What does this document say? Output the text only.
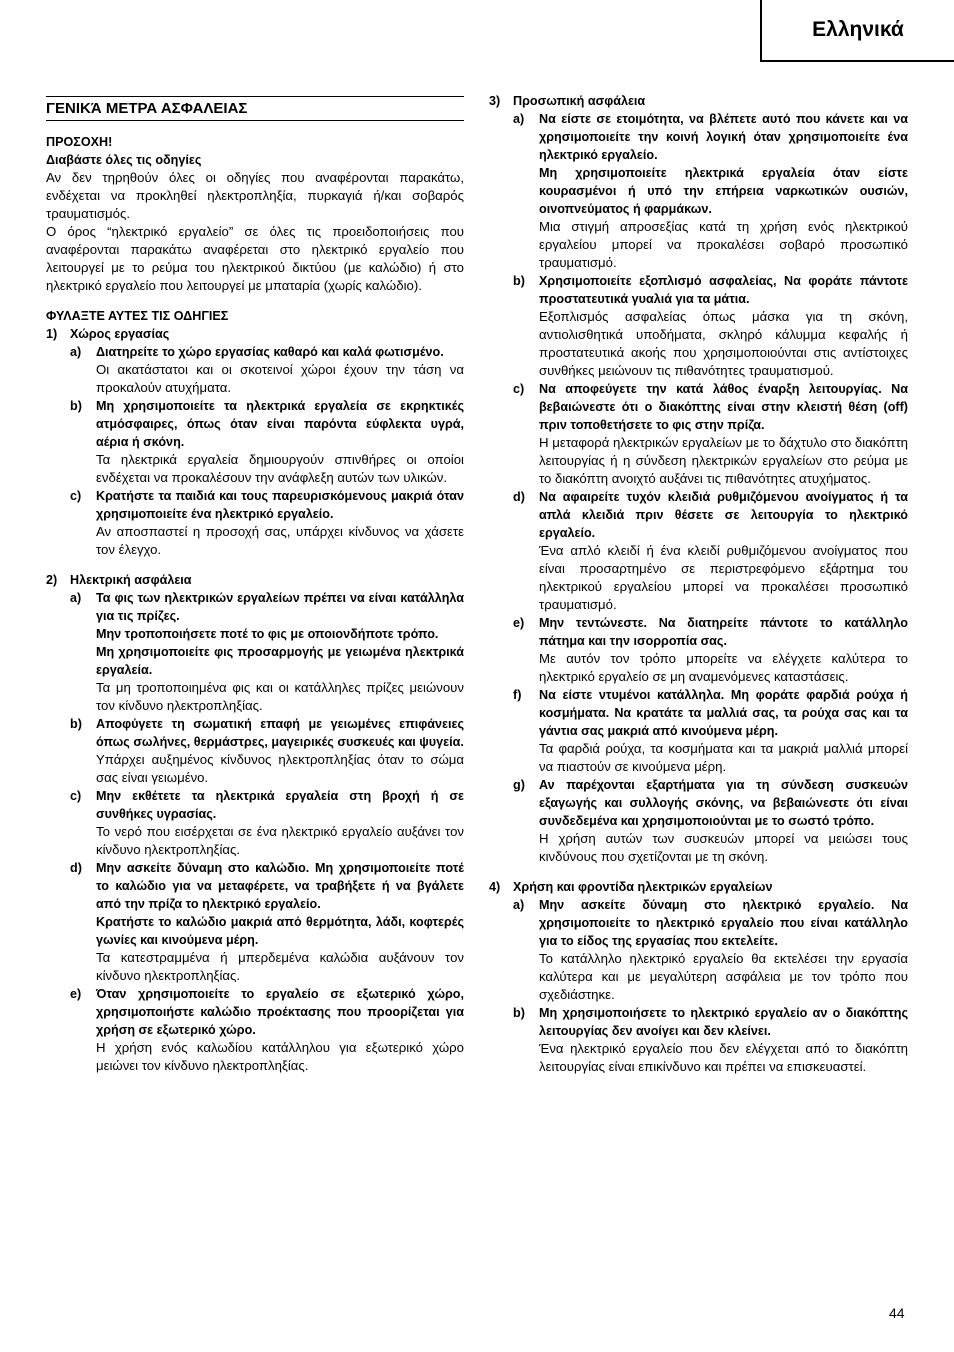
Ελληνικά
ΓΕΝΙΚΆ ΜΕΤΡΑ ΑΣΦΑΛΕΙΑΣ
ΠΡΟΣΟΧΗ!
Διαβάστε όλες τις οδηγίες

Αν δεν τηρηθούν όλες οι οδηγίες που αναφέρονται παρακάτω, ενδέχεται να προκληθεί ηλεκτροπληξία, πυρκαγιά ή/και σοβαρός τραυματισμός.

Ο όρος “ηλεκτρικό εργαλείο” σε όλες τις προειδοποιήσεις που αναφέρονται παρακάτω αναφέρεται στο ηλεκτρικό εργαλείο που λειτουργεί με το ρεύμα του ηλεκτρικού δικτύου (με καλώδιο) ή στο ηλεκτρικό εργαλείο που λειτουργεί με μπαταρία (χωρίς καλώδιο).

ΦΥΛΑΞΤΕ ΑΥΤΕΣ ΤΙΣ ΟΔΗΓΙΕΣ
1)	Χώρος εργασίας
a)	Διατηρείτε το χώρο εργασίας καθαρό και καλά φωτισμένο.
Οι ακατάστατοι και οι σκοτεινοί χώροι έχουν την τάση να προκαλούν ατυχήματα.
b)	Μη χρησιμοποιείτε τα ηλεκτρικά εργαλεία σε εκρηκτικές ατμόσφαιρες, όπως όταν είναι παρόντα εύφλεκτα υγρά, αέρια ή σκόνη.
Τα ηλεκτρικά εργαλεία δημιουργούν σπινθήρες οι οποίοι ενδέχεται να προκαλέσουν την ανάφλεξη αυτών των υλικών.
c)	Κρατήστε τα παιδιά και τους παρευρισκόμενους μακριά όταν χρησιμοποιείτε ένα ηλεκτρικό εργαλείο.
Αν αποσπαστεί η προσοχή σας, υπάρχει κίνδυνος να χάσετε τον έλεγχο.
2)	Ηλεκτρική ασφάλεια
a)	Τα φις των ηλεκτρικών εργαλείων πρέπει να είναι κατάλληλα για τις πρίζες.
Μην τροποποιήσετε ποτέ το φις με οποιονδήποτε τρόπο.
Μη χρησιμοποιείτε φις προσαρμογής με γειωμένα ηλεκτρικά εργαλεία.
Τα μη τροποποιημένα φις και οι κατάλληλες πρίζες μειώνουν τον κίνδυνο ηλεκτροπληξίας.
b)	Αποφύγετε τη σωματική επαφή με γειωμένες επιφάνειες όπως σωλήνες, θερμάστρες, μαγειρικές συσκευές και ψυγεία.
Υπάρχει αυξημένος κίνδυνος ηλεκτροπληξίας όταν το σώμα σας είναι γειωμένο.
c)	Μην εκθέτετε τα ηλεκτρικά εργαλεία στη βροχή ή σε συνθήκες υγρασίας.
Το νερό που εισέρχεται σε ένα ηλεκτρικό εργαλείο αυξάνει τον κίνδυνο ηλεκτροπληξίας.
d)	Μην ασκείτε δύναμη στο καλώδιο. Μη χρησιμοποιείτε ποτέ το καλώδιο για να μεταφέρετε, να τραβήξετε ή να βγάλετε από την πρίζα το ηλεκτρικό εργαλείο.
Κρατήστε το καλώδιο μακριά από θερμότητα, λάδι, κοφτερές γωνίες και κινούμενα μέρη.
Τα κατεστραμμένα ή μπερδεμένα καλώδια αυξάνουν τον κίνδυνο ηλεκτροπληξίας.
e)	Όταν χρησιμοποιείτε το εργαλείο σε εξωτερικό χώρο, χρησιμοποιήστε καλώδιο προέκτασης που προορίζεται για χρήση σε εξωτερικό χώρο.
Η χρήση ενός καλωδίου κατάλληλου για εξωτερικό χώρο μειώνει τον κίνδυνο ηλεκτροπληξίας.
3)	Προσωπική ασφάλεια
a)	Να είστε σε ετοιμότητα, να βλέπετε αυτό που κάνετε και να χρησιμοποιείτε την κοινή λογική όταν χρησιμοποιείτε ένα ηλεκτρικό εργαλείο.
Μη χρησιμοποιείτε ηλεκτρικά εργαλεία όταν είστε κουρασμένοι ή υπό την επήρεια ναρκωτικών ουσιών, οινοπνεύματος ή φαρμάκων.
Μια στιγμή απροσεξίας κατά τη χρήση ενός ηλεκτρικού εργαλείου μπορεί να προκαλέσει σοβαρό προσωπικό τραυματισμό.
b)	Χρησιμοποιείτε εξοπλισμό ασφαλείας, Να φοράτε πάντοτε προστατευτικά γυαλιά για τα μάτια.
Εξοπλισμός ασφαλείας όπως μάσκα για τη σκόνη, αντιολισθητικά υποδήματα, σκληρό κάλυμμα κεφαλής ή προστατευτικά ακοής που χρησιμοποιούνται στις αντίστοιχες συνθήκες μειώνουν τις πιθανότητες τραυματισμού.
c)	Να αποφεύγετε την κατά λάθος έναρξη λειτουργίας. Να βεβαιώνεστε ότι ο διακόπτης είναι στην κλειστή θέση (off) πριν τοποθετήσετε το φις στην πρίζα.
Η μεταφορά ηλεκτρικών εργαλείων με το δάχτυλο στο διακόπτη λειτουργίας ή η σύνδεση ηλεκτρικών εργαλείων στο ρεύμα με το διακόπτη ανοιχτό αυξάνει τις πιθανότητες ατυχήματος.
d)	Να αφαιρείτε τυχόν κλειδιά ρυθμιζόμενου ανοίγματος ή τα απλά κλειδιά πριν θέσετε σε λειτουργία το ηλεκτρικό εργαλείο.
Ένα απλό κλειδί ή ένα κλειδί ρυθμιζόμενου ανοίγματος που είναι προσαρτημένο σε περιστρεφόμενο εξάρτημα του ηλεκτρικού εργαλείου μπορεί να προκαλέσει προσωπικό τραυματισμό.
e)	Μην τεντώνεστε. Να διατηρείτε πάντοτε το κατάλληλο πάτημα και την ισορροπία σας.
Με αυτόν τον τρόπο μπορείτε να ελέγχετε καλύτερα το ηλεκτρικό εργαλείο σε μη αναμενόμενες καταστάσεις.
f)	Να είστε ντυμένοι κατάλληλα. Μη φοράτε φαρδιά ρούχα ή κοσμήματα. Να κρατάτε τα μαλλιά σας, τα ρούχα σας και τα γάντια σας μακριά από κινούμενα μέρη.
Τα φαρδιά ρούχα, τα κοσμήματα και τα μακριά μαλλιά μπορεί να πιαστούν σε κινούμενα μέρη.
g)	Αν παρέχονται εξαρτήματα για τη σύνδεση συσκευών εξαγωγής και συλλογής σκόνης, να βεβαιώνεστε ότι είναι συνδεδεμένα και χρησιμοποιούνται με το σωστό τρόπο.
Η χρήση αυτών των συσκευών μπορεί να μειώσει τους κινδύνους που σχετίζονται με τη σκόνη.
4)	Χρήση και φροντίδα ηλεκτρικών εργαλείων
a)	Μην ασκείτε δύναμη στο ηλεκτρικό εργαλείο. Να χρησιμοποιείτε το ηλεκτρικό εργαλείο που είναι κατάλληλο για το είδος της εργασίας που εκτελείτε.
Το κατάλληλο ηλεκτρικό εργαλείο θα εκτελέσει την εργασία καλύτερα και με μεγαλύτερη ασφάλεια με τον τρόπο που σχεδιάστηκε.
b)	Μη χρησιμοποιήσετε το ηλεκτρικό εργαλείο αν ο διακόπτης λειτουργίας δεν ανοίγει και δεν κλείνει.
Ένα ηλεκτρικό εργαλείο που δεν ελέγχεται από το διακόπτη λειτουργίας είναι επικίνδυνο και πρέπει να επισκευαστεί.
44
